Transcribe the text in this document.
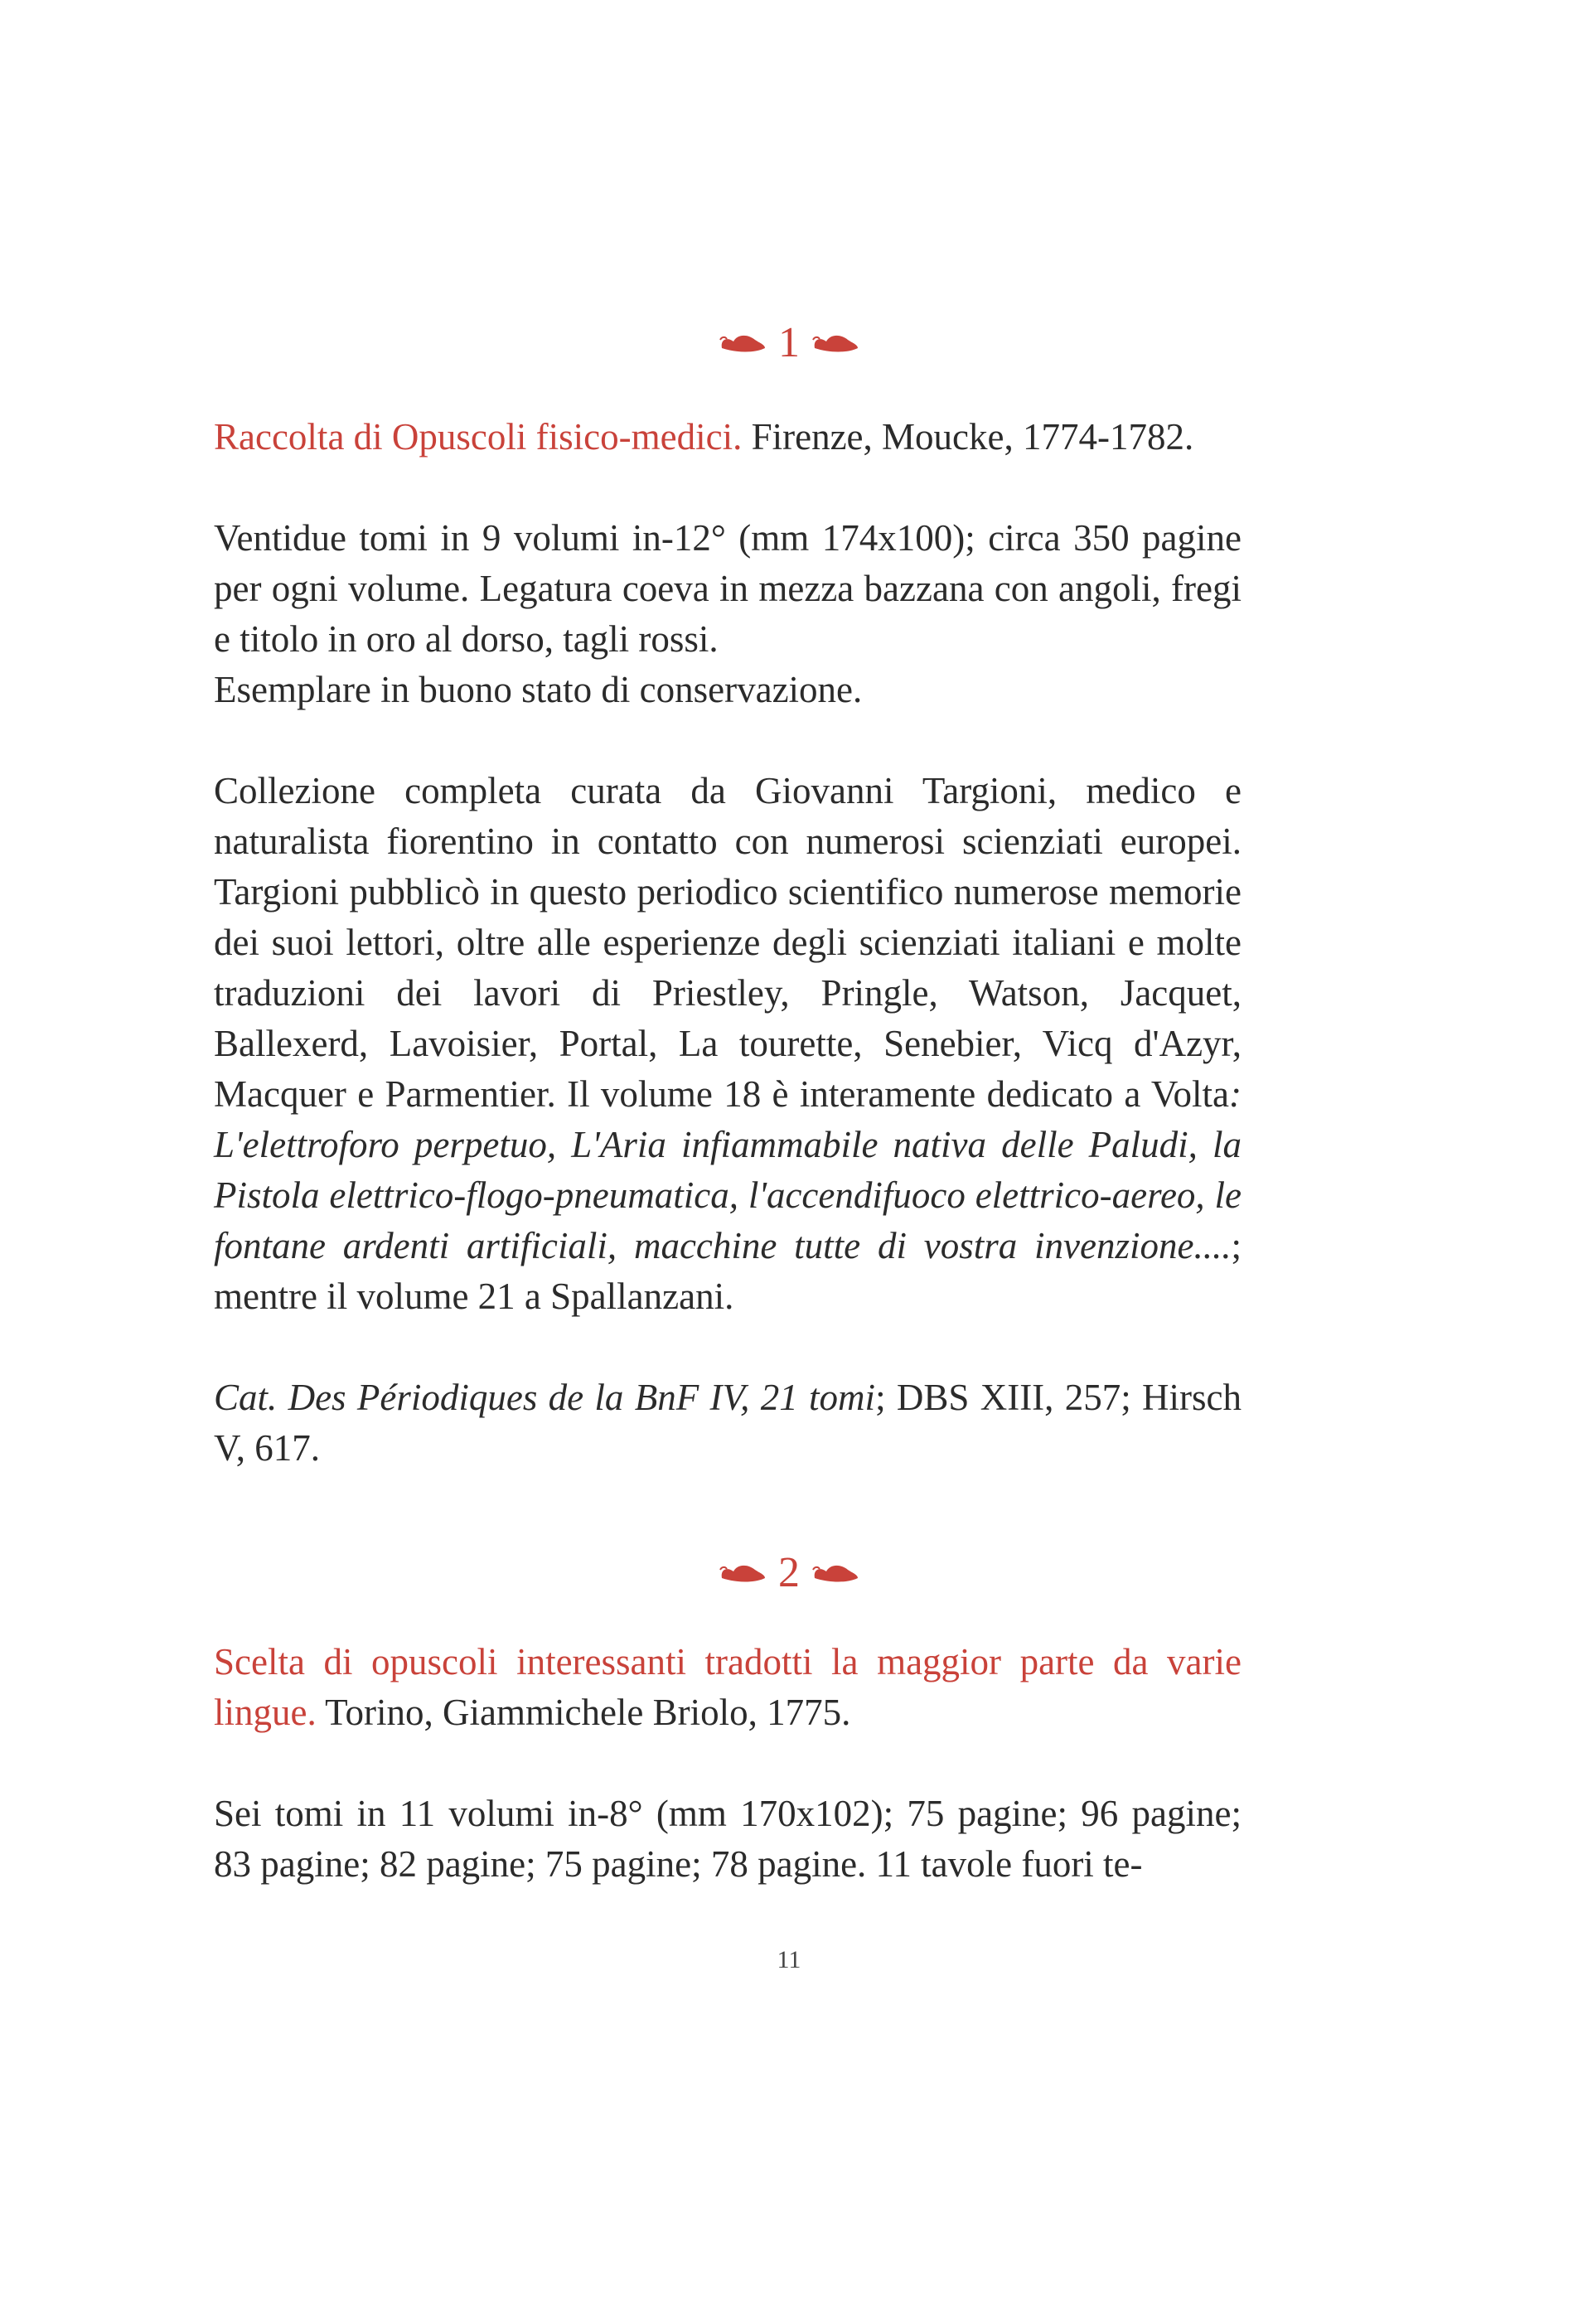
1

Raccolta di Opuscoli fisico-medici. Firenze, Moucke, 1774-1782.

Ventidue tomi in 9 volumi in-12° (mm 174x100); circa 350 pagine per ogni volume. Legatura coeva in mezza bazzana con angoli, fregi e titolo in oro al dorso, tagli rossi.

Esemplare in buono stato di conservazione.

Collezione completa curata da Giovanni Targioni, medico e naturalista fiorentino in contatto con numerosi scienziati europei. Targioni pubblicò in questo periodico scientifico numerose memorie dei suoi lettori, oltre alle esperienze degli scienziati italiani e molte traduzioni dei lavori di Priestley, Pringle, Watson, Jacquet, Ballexerd, Lavoisier, Portal, La tourette, Senebier, Vicq d'Azyr, Macquer e Parmentier. Il volume 18 è interamente dedicato a Volta: L'elettroforo perpetuo, L'Aria infiammabile nativa delle Paludi, la Pistola elettrico-flogo-pneumatica, l'accendifuoco elettrico-aereo, le fontane ardenti artificiali, macchine tutte di vostra invenzione....; mentre il volume 21 a Spallanzani.

Cat. Des Périodiques de la BnF IV, 21 tomi; DBS XIII, 257; Hirsch V, 617.

2

Scelta di opuscoli interessanti tradotti la maggior parte da varie lingue. Torino, Giammichele Briolo, 1775.

Sei tomi in 11 volumi in-8° (mm 170x102); 75 pagine; 96 pagine; 83 pagine; 82 pagine; 75 pagine; 78 pagine. 11 tavole fuori te-

11
